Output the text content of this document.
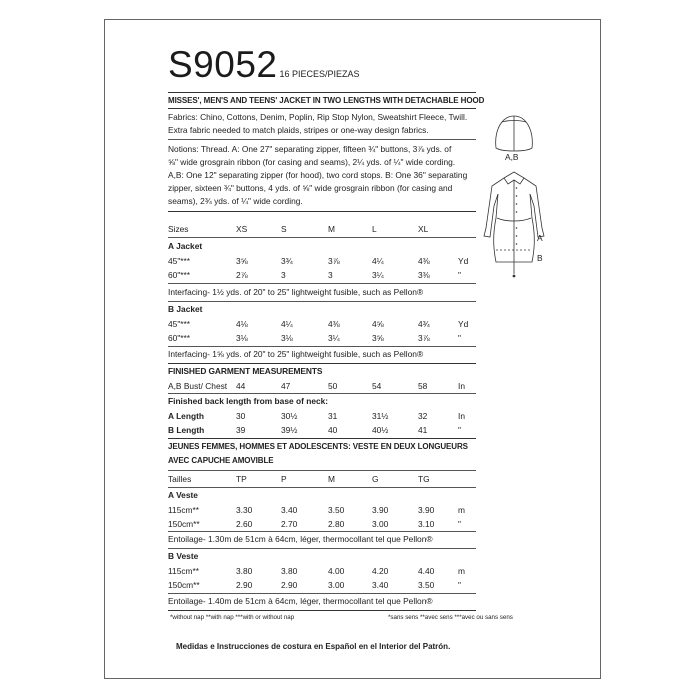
S9052 16 PIECES/PIEZAS
MISSES', MEN'S AND TEENS' JACKET IN TWO LENGTHS WITH DETACHABLE HOOD
Fabrics: Chino, Cottons, Denim, Poplin, Rip Stop Nylon, Sweatshirt Fleece, Twill.
Extra fabric needed to match plaids, stripes or one-way design fabrics.
Notions: Thread. A: One 27" separating zipper, fifteen ¾" buttons, 3⅞ yds. of
⅝" wide grosgrain ribbon (for casing and seams), 2¼ yds. of ¼" wide cording.
A,B: One 12" separating zipper (for hood), two cord stops. B: One 36" separating
zipper, sixteen ¾" buttons, 4 yds. of ⅝" wide grosgrain ribbon (for casing and
seams), 2¾ yds. of ¼" wide cording.
Sizes	XS	S	M	L	XL
A Jacket
45"***	3⅝	3¾	3⅞	4¼	4⅜	Yd
60"***	2⅞	3	3	3¼	3⅜	"
Interfacing- 1½ yds. of 20" to 25" lightweight fusible, such as Pellon®
B Jacket
45"***	4⅛	4¼	4⅜	4⅝	4¾	Yd
60"***	3⅛	3⅛	3¼	3⅝	3⅞	"
Interfacing- 1⅝ yds. of 20" to 25" lightweight fusible, such as Pellon®
FINISHED GARMENT MEASUREMENTS
A,B Bust/ Chest 44	47	50	54	58	In
Finished back length from base of neck:
A Length	30	30½	31	31½	32	In
B Length	39	39½	40	40½	41	"
JEUNES FEMMES, HOMMES ET ADOLESCENTS: VESTE EN DEUX LONGUEURS
AVEC CAPUCHE AMOVIBLE
Tailles	TP	P	M	G	TG
A Veste
115cm**	3.30	3.40	3.50	3.90	3.90	m
150cm**	2.60	2.70	2.80	3.00	3.10	"
Entoilage- 1.30m de 51cm à 64cm, léger, thermocollant tel que Pellon®
B Veste
115cm**	3.80	3.80	4.00	4.20	4.40	m
150cm**	2.90	2.90	3.00	3.40	3.50	"
Entoilage- 1.40m de 51cm à 64cm, léger, thermocollant tel que Pellon®
*without nap **with nap ***with or without nap	*sans sens **avec sens ***avec ou sans sens
Medidas e Instrucciones de costura en Español en el Interior del Patrón.
A,B
A
B
